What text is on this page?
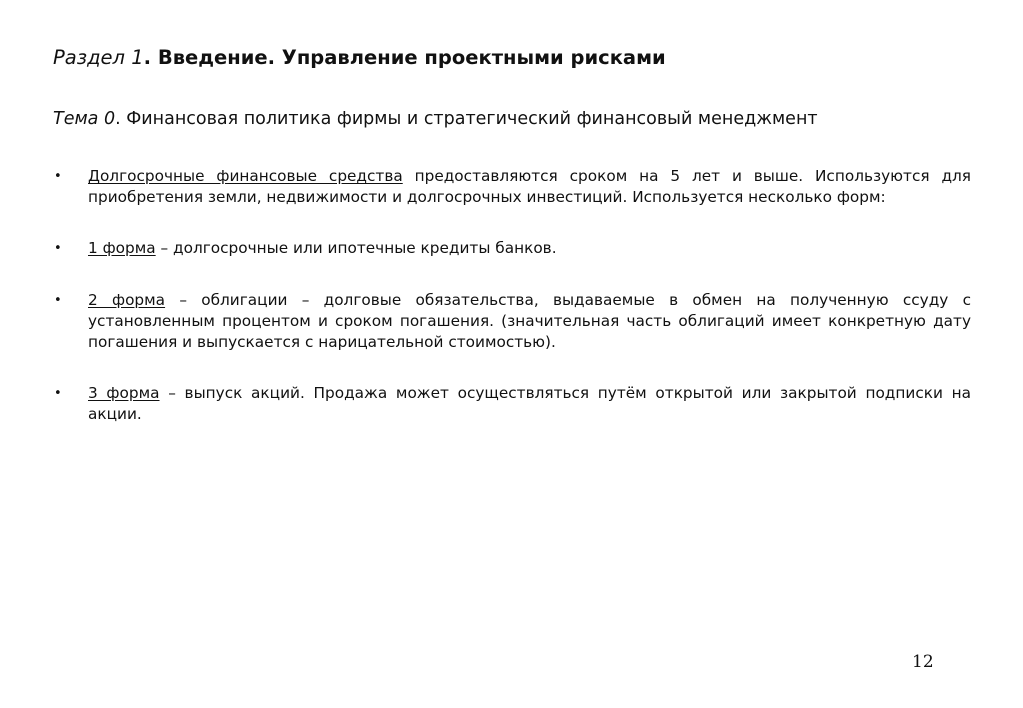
Раздел 1. Введение. Управление проектными рисками
Тема 0. Финансовая политика фирмы и стратегический финансовый менеджмент
• Долгосрочные финансовые средства предоставляются сроком на 5 лет и выше. Используются для приобретения земли, недвижимости и долгосрочных инвестиций. Используется несколько форм:
• 1 форма – долгосрочные или ипотечные кредиты банков.
• 2 форма – облигации – долговые обязательства, выдаваемые в обмен на полученную ссуду с установленным процентом и сроком погашения. (значительная часть облигаций имеет конкретную дату погашения и выпускается с нарицательной стоимостью).
• 3 форма – выпуск акций. Продажа может осуществляться путём открытой или закрытой подписки на акции.
12
